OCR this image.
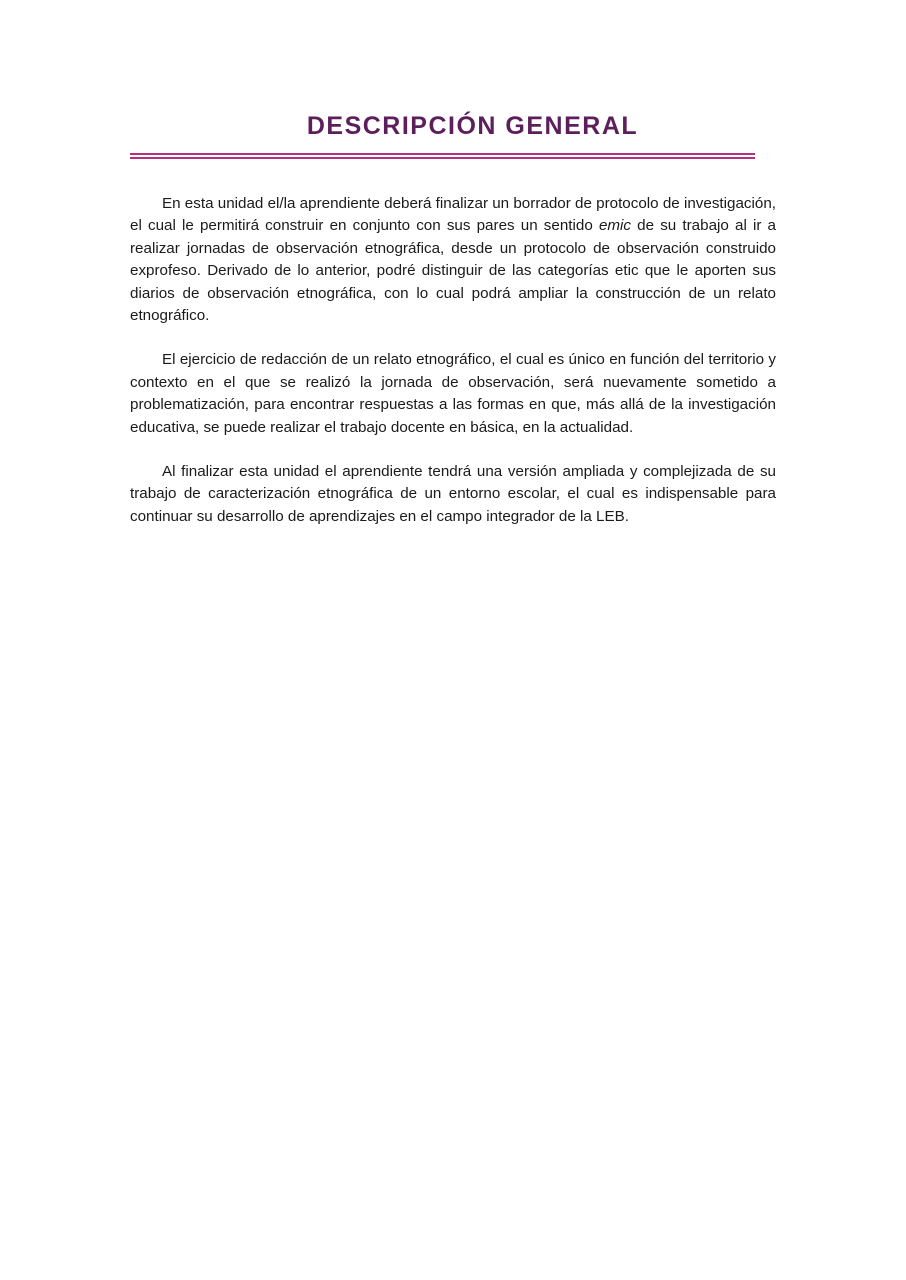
DESCRIPCIÓN GENERAL

En esta unidad el/la aprendiente deberá finalizar un borrador de protocolo de investigación, el cual le permitirá construir en conjunto con sus pares un sentido emic de su trabajo al ir a realizar jornadas de observación etnográfica, desde un protocolo de observación construido exprofeso. Derivado de lo anterior, podré distinguir de las categorías etic que le aporten sus diarios de observación etnográfica, con lo cual podrá ampliar la construcción de un relato etnográfico.

El ejercicio de redacción de un relato etnográfico, el cual es único en función del territorio y contexto en el que se realizó la jornada de observación, será nuevamente sometido a problematización, para encontrar respuestas a las formas en que, más allá de la investigación educativa, se puede realizar el trabajo docente en básica, en la actualidad.

Al finalizar esta unidad el aprendiente tendrá una versión ampliada y complejizada de su trabajo de caracterización etnográfica de un entorno escolar, el cual es indispensable para continuar su desarrollo de aprendizajes en el campo integrador de la LEB.
